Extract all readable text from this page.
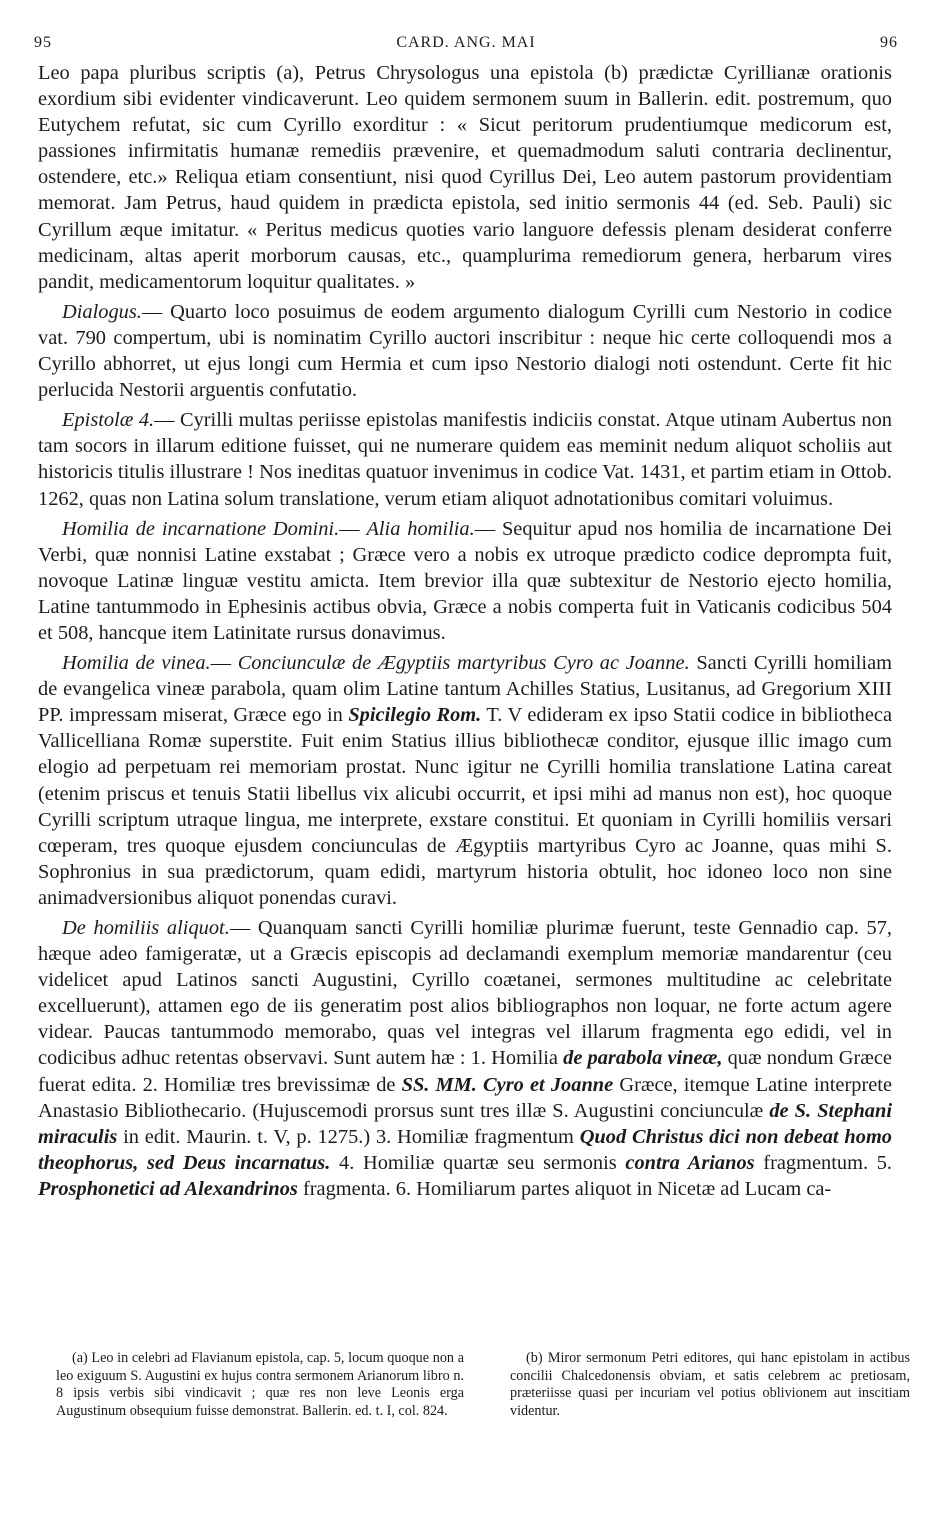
95	CARD. ANG. MAI	96

Leo papa pluribus scriptis (a), Petrus Chrysologus una epistola (b) prædictæ Cyrillianæ orationis exordium sibi evidenter vindicaverunt. Leo quidem sermonem suum in Ballerin. edit. postremum, quo Eutychem refutat, sic cum Cyrillo exorditur : « Sicut peritorum prudentiumque medicorum est, passiones infirmitatis humanæ remediis prævenire, et quemadmodum saluti contraria declinentur, ostendere, etc.» Reliqua etiam consentiunt, nisi quod Cyrillus Dei, Leo autem pastorum providentiam memorat. Jam Petrus, haud quidem in prædicta epistola, sed initio sermonis 44 (ed. Seb. Pauli) sic Cyrillum æque imitatur. « Peritus medicus quoties vario languore defessis plenam desiderat conferre medicinam, altas aperit morborum causas, etc., quamplurima remediorum genera, herbarum vires pandit, medicamentorum loquitur qualitates. »

Dialogus.— Quarto loco posuimus de eodem argumento dialogum Cyrilli cum Nestorio in codice vat. 790 compertum, ubi is nominatim Cyrillo auctori inscribitur : neque hic certe colloquendi mos a Cyrillo abhorret, ut ejus longi cum Hermia et cum ipso Nestorio dialogi noti ostendunt. Certe fit hic perlucida Nestorii arguentis confutatio.

Epistolæ 4.— Cyrilli multas periisse epistolas manifestis indiciis constat. Atque utinam Aubertus non tam socors in illarum editione fuisset, qui ne numerare quidem eas meminit nedum aliquot scholiis aut historicis titulis illustrare ! Nos ineditas quatuor invenimus in codice Vat. 1431, et partim etiam in Ottob. 1262, quas non Latina solum translatione, verum etiam aliquot adnotationibus comitari voluimus.

Homilia de incarnatione Domini.— Alia homilia.— Sequitur apud nos homilia de incarnatione Dei Verbi, quæ nonnisi Latine exstabat ; Græce vero a nobis ex utroque prædicto codice deprompta fuit, novoque Latinæ linguæ vestitu amicta. Item brevior illa quæ subtexitur de Nestorio ejecto homilia, Latine tantummodo in Ephesinis actibus obvia, Græce a nobis comperta fuit in Vaticanis codicibus 504 et 508, hancque item Latinitate rursus donavimus.

Homilia de vinea.— Conciunculæ de Ægyptiis martyribus Cyro ac Joanne. Sancti Cyrilli homiliam de evangelica vineæ parabola, quam olim Latine tantum Achilles Statius, Lusitanus, ad Gregorium XIII PP. impressam miserat, Græce ego in Spicilegio Rom. T. V edideram ex ipso Statii codice in bibliotheca Vallicelliana Romæ superstite. Fuit enim Statius illius bibliothecæ conditor, ejusque illic imago cum elogio ad perpetuam rei memoriam prostat. Nunc igitur ne Cyrilli homilia translatione Latina careat (etenim priscus et tenuis Statii libellus vix alicubi occurrit, et ipsi mihi ad manus non est), hoc quoque Cyrilli scriptum utraque lingua, me interprete, exstare constitui. Et quoniam in Cyrilli homiliis versari cœperam, tres quoque ejusdem conciunculas de Ægyptiis martyribus Cyro ac Joanne, quas mihi S. Sophronius in sua prædictorum, quam edidi, martyrum historia obtulit, hoc idoneo loco non sine animadversionibus aliquot ponendas curavi.

De homiliis aliquot.— Quanquam sancti Cyrilli homiliæ plurimæ fuerunt, teste Gennadio cap. 57, hæque adeo famigeratæ, ut a Græcis episcopis ad declamandi exemplum memoriæ mandarentur (ceu videlicet apud Latinos sancti Augustini, Cyrillo coætanei, sermones multitudine ac celebritate excelluerunt), attamen ego de iis generatim post alios bibliographos non loquar, ne forte actum agere videar. Paucas tantummodo memorabo, quas vel integras vel illarum fragmenta ego edidi, vel in codicibus adhuc retentas observavi. Sunt autem hæ : 1. Homilia de parabola vineæ, quæ nondum Græce fuerat edita. 2. Homiliæ tres brevissimæ de SS. MM. Cyro et Joanne Græce, itemque Latine interprete Anastasio Bibliothecario. (Hujuscemodi prorsus sunt tres illæ S. Augustini conciunculæ de S. Stephani miraculis in edit. Maurin. t. V, p. 1275.) 3. Homiliæ fragmentum Quod Christus dici non debeat homo theophorus, sed Deus incarnatus. 4. Homiliæ quartæ seu sermonis contra Arianos fragmentum. 5. Prosphonetici ad Alexandrinos fragmenta. 6. Homiliarum partes aliquot in Nicetæ ad Lucam ca-

(a) Leo in celebri ad Flavianum epistola, cap. 5, locum quoque non a leo exiguum S. Augustini ex hujus contra sermonem Arianorum libro n. 8 ipsis verbis sibi vindicavit ; quæ res non leve Leonis erga Augustinum obsequium fuisse demonstrat. Ballerin. ed. t. I, col. 824.

(b) Miror sermonum Petri editores, qui hanc epistolam in actibus concilii Chalcedonensis obviam, et satis celebrem ac pretiosam, præteriisse quasi per incuriam vel potius oblivionem aut inscitiam videntur.
